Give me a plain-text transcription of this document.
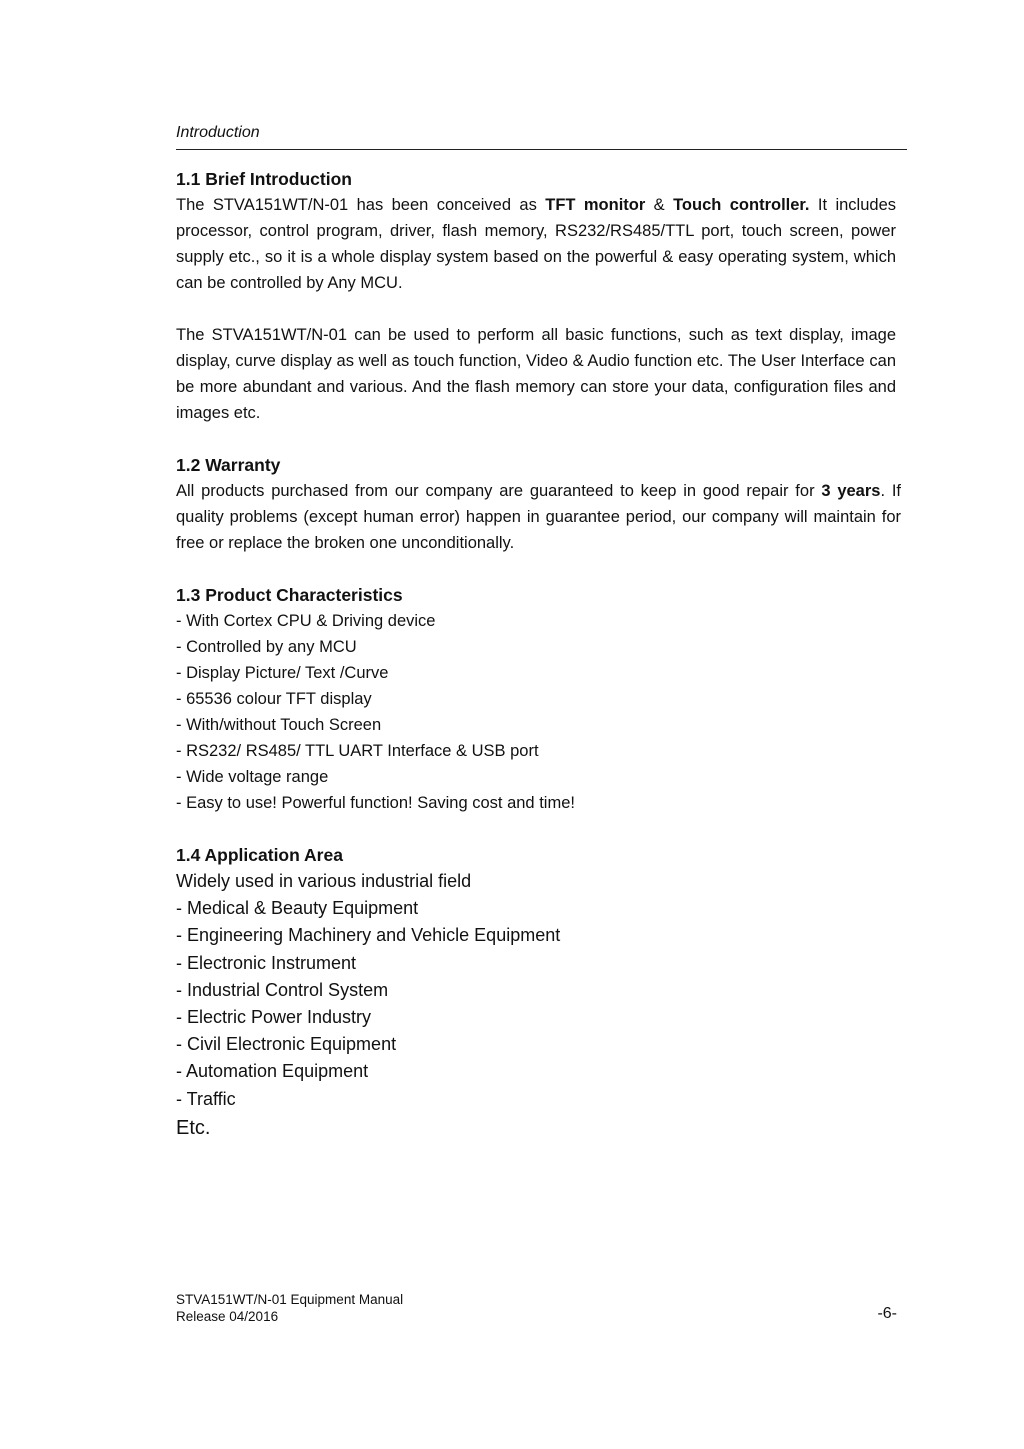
Introduction
1.1 Brief Introduction

The STVA151WT/N-01 has been conceived as TFT monitor & Touch controller. It includes processor, control program, driver, flash memory, RS232/RS485/TTL port, touch screen, power supply etc., so it is a whole display system based on the powerful & easy operating system, which can be controlled by Any MCU.

The STVA151WT/N-01 can be used to perform all basic functions, such as text display, image display, curve display as well as touch function, Video & Audio function etc. The User Interface can be more abundant and various. And the flash memory can store your data, configuration files and images etc.

1.2 Warranty

All products purchased from our company are guaranteed to keep in good repair for 3 years. If quality problems (except human error) happen in guarantee period, our company will maintain for free or replace the broken one unconditionally.

1.3 Product Characteristics
- With Cortex CPU & Driving device
- Controlled by any MCU
- Display Picture/ Text /Curve
- 65536 colour TFT display
- With/without Touch Screen
- RS232/ RS485/ TTL UART Interface & USB port
- Wide voltage range
- Easy to use! Powerful function! Saving cost and time!
1.4 Application Area
Widely used in various industrial field
- Medical & Beauty Equipment
- Engineering Machinery and Vehicle Equipment
- Electronic Instrument
- Industrial Control System
- Electric Power Industry
- Civil Electronic Equipment
- Automation Equipment
- Traffic

Etc.

STVA151WT/N-01 Equipment Manual
Release 04/2016	-6-
